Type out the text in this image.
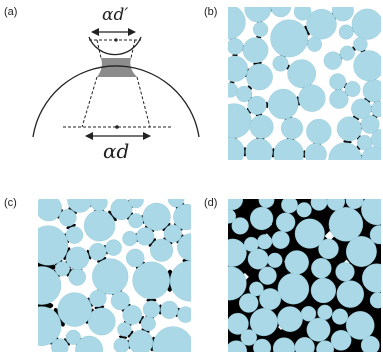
(a)	(b)
(c)	(d)
αd′
αd
